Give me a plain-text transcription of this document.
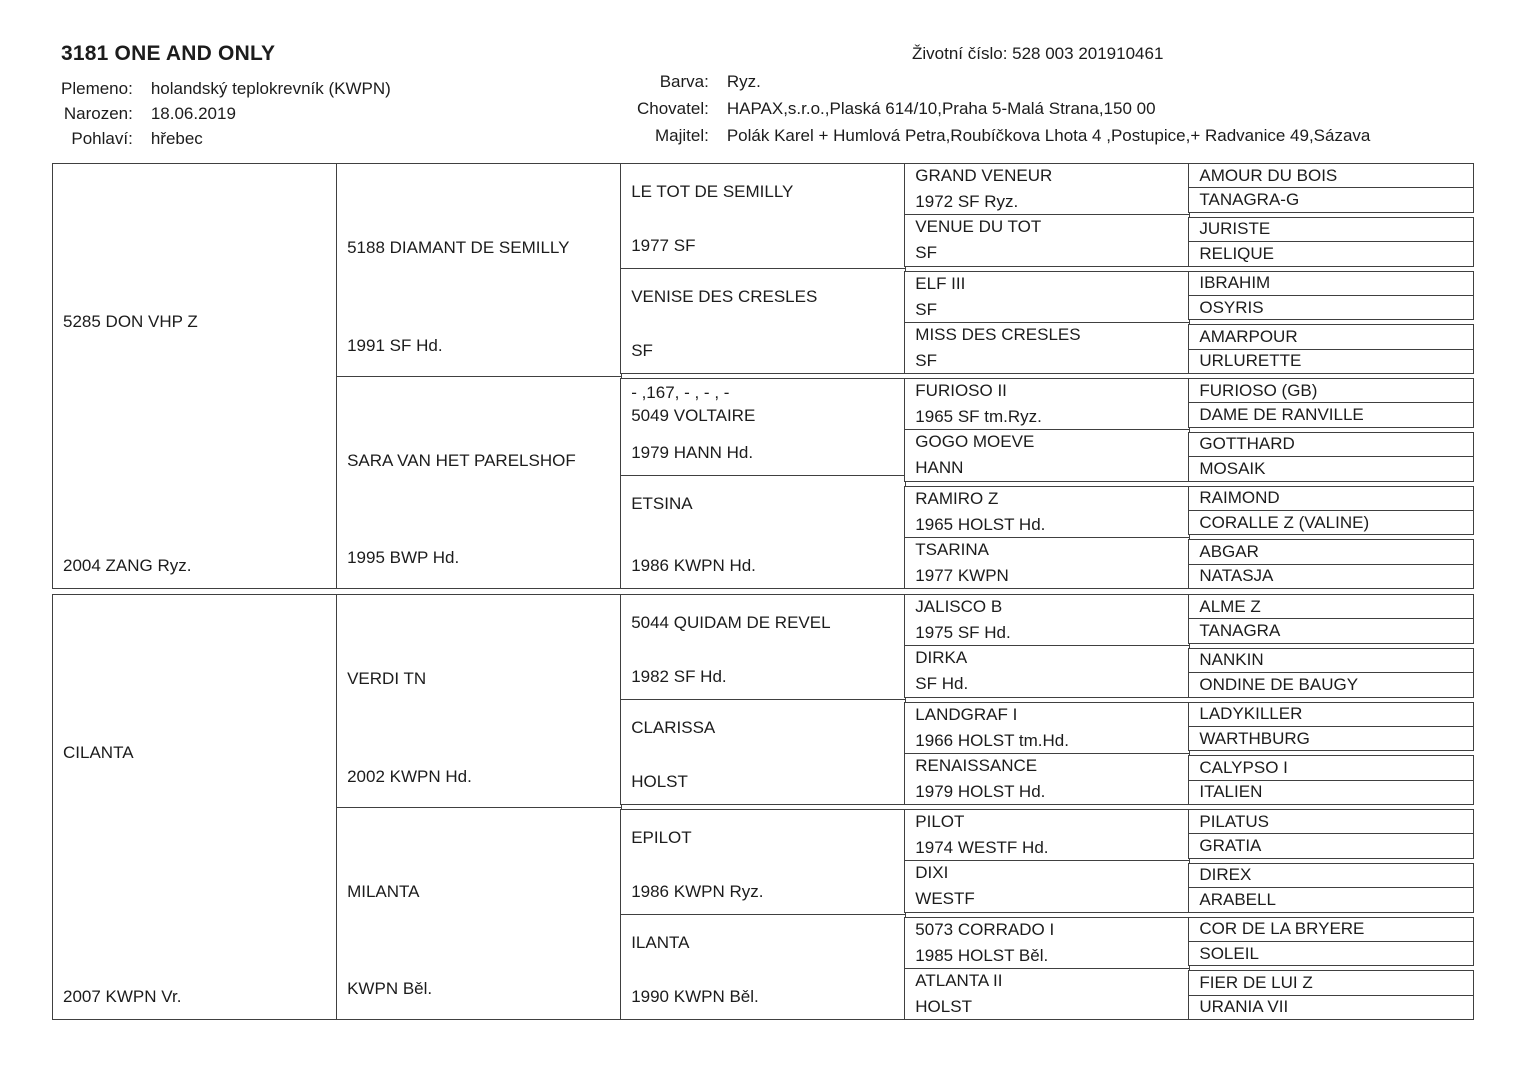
3181 ONE AND ONLY	Životní číslo: 528 003 201910461
Plemeno: holandský teplokrevník (KWPN)
Narozen: 18.06.2019
Pohlaví: hřebec
Barva: Ryz.
Chovatel: HAPAX,s.r.o.,Plaská 614/10,Praha 5-Malá Strana,150 00
Majitel: Polák Karel + Humlová Petra,Roubíčkova Lhota 4 ,Postupice,+ Radvanice 49,Sázava
5285 DON VHP Z
2004 ZANG Ryz.
5188 DIAMANT DE SEMILLY
1991 SF Hd.
SARA VAN HET PARELSHOF
1995 BWP Hd.
LE TOT DE SEMILLY
1977 SF
VENISE DES CRESLES
SF
- ,167, - , - , -
5049 VOLTAIRE
1979 HANN Hd.
ETSINA
1986 KWPN Hd.
GRAND VENEUR
1972 SF Ryz.
VENUE DU TOT
SF
ELF III
SF
MISS DES CRESLES
SF
FURIOSO II
1965 SF tm.Ryz.
GOGO MOEVE
HANN
RAMIRO Z
1965 HOLST Hd.
TSARINA
1977 KWPN
AMOUR DU BOIS
TANAGRA-G
JURISTE
RELIQUE
IBRAHIM
OSYRIS
AMARPOUR
URLURETTE
FURIOSO (GB)
DAME DE RANVILLE
GOTTHARD
MOSAIK
RAIMOND
CORALLE Z (VALINE)
ABGAR
NATASJA
CILANTA
2007 KWPN Vr.
VERDI TN
2002 KWPN Hd.
MILANTA
KWPN Běl.
5044 QUIDAM DE REVEL
1982 SF Hd.
CLARISSA
HOLST
EPILOT
1986 KWPN Ryz.
ILANTA
1990 KWPN Běl.
JALISCO B
1975 SF Hd.
DIRKA
SF Hd.
LANDGRAF I
1966 HOLST tm.Hd.
RENAISSANCE
1979 HOLST Hd.
PILOT
1974 WESTF Hd.
DIXI
WESTF
5073 CORRADO I
1985 HOLST Běl.
ATLANTA II
HOLST
ALME Z
TANAGRA
NANKIN
ONDINE DE BAUGY
LADYKILLER
WARTHBURG
CALYPSO I
ITALIEN
PILATUS
GRATIA
DIREX
ARABELL
COR DE LA BRYERE
SOLEIL
FIER DE LUI Z
URANIA VII
